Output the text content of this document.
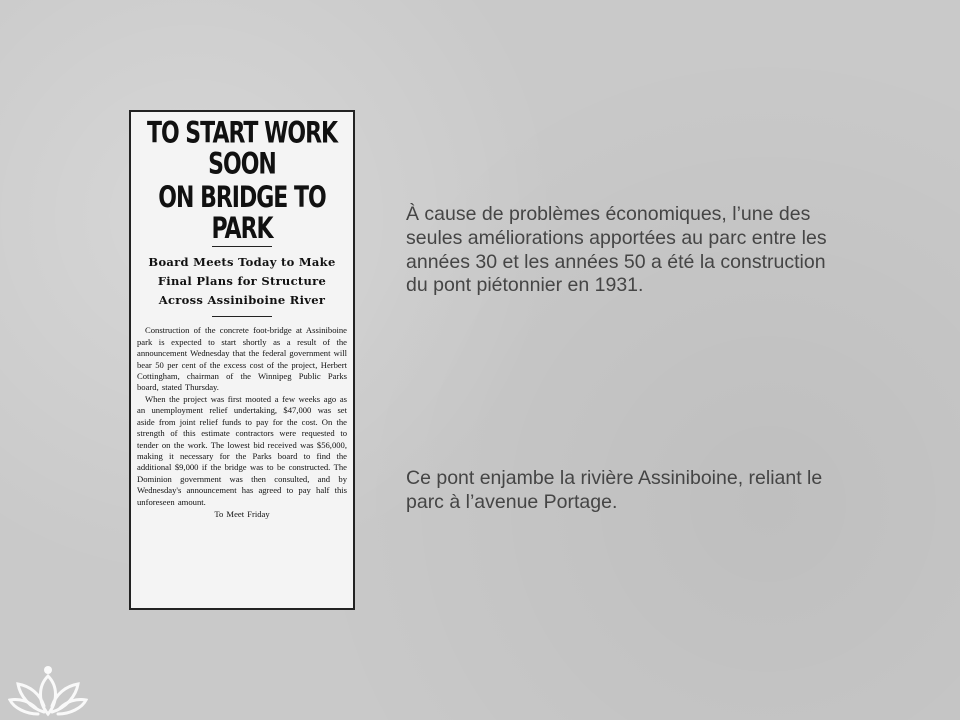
TO START WORK SOON
ON BRIDGE TO PARK
Board Meets Today to Make
Final Plans for Structure
Across Assiniboine River

Construction of the concrete foot-bridge at Assiniboine park is expected to start shortly as a result of the announcement Wednesday that the federal government will bear 50 per cent of the excess cost of the project, Herbert Cottingham, chairman of the Winnipeg Public Parks board, stated Thursday.

When the project was first mooted a few weeks ago as an unemployment relief undertaking, $47,000 was set aside from joint relief funds to pay for the cost. On the strength of this estimate contractors were requested to tender on the work. The lowest bid received was $56,000, making it necessary for the Parks board to find the additional $9,000 if the bridge was to be constructed. The Dominion government was then consulted, and by Wednesday's announcement has agreed to pay half this unforeseen amount.

To Meet Friday

À cause de problèmes économiques, l’une des seules améliorations apportées au parc entre les années 30 et les années 50 a été la construction du pont piétonnier en 1931.

Ce pont enjambe la rivière Assiniboine, reliant le parc à l’avenue Portage.
